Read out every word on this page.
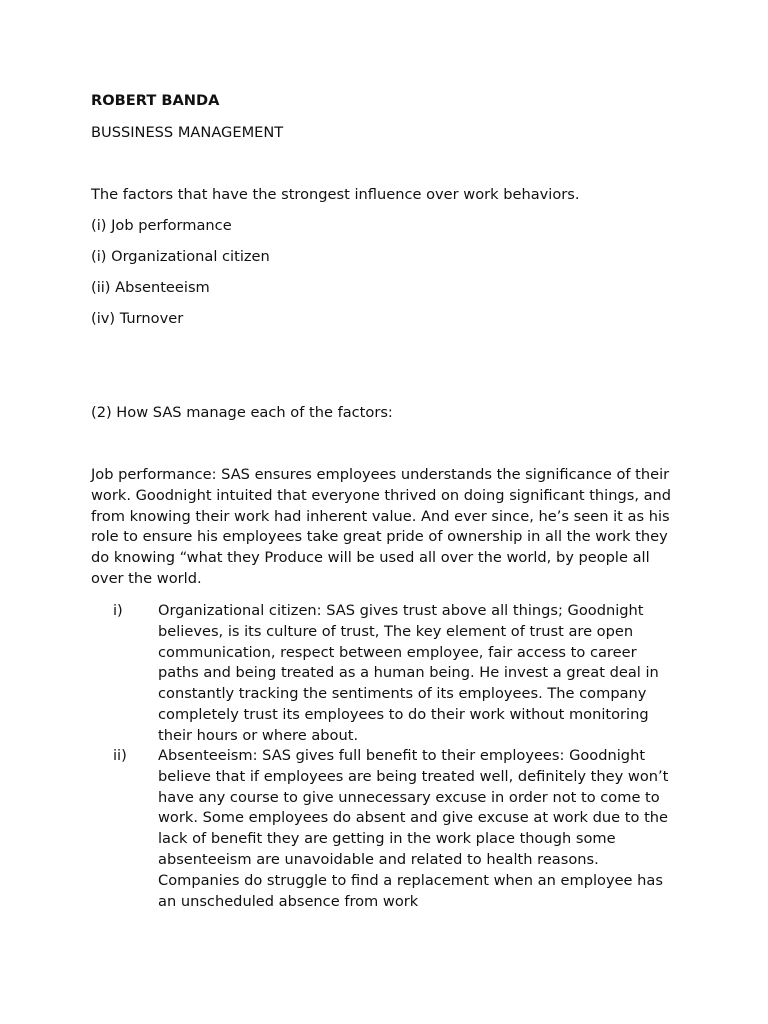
ROBERT BANDA
BUSSINESS MANAGEMENT
The factors that have the strongest influence over work behaviors.
(i) Job performance
(i) Organizational citizen
(ii) Absenteeism
(iv) Turnover
(2) How SAS manage each of the factors:

Job performance: SAS ensures employees understands the significance of their work. Goodnight intuited that everyone thrived on doing significant things, and from knowing their work had inherent value. And ever since, he’s seen it as his role to ensure his employees take great pride of ownership in all the work they do knowing “what they Produce will be used all over the world, by people all over the world.

i) Organizational citizen: SAS gives trust above all things; Goodnight believes, is its culture of trust, The key element of trust are open communication, respect between employee, fair access to career paths and being treated as a human being. He invest a great deal in constantly tracking the sentiments of its employees. The company completely trust its employees to do their work without monitoring their hours or where about.
ii) Absenteeism: SAS gives full benefit to their employees: Goodnight believe that if employees are being treated well, definitely they won’t have any course to give unnecessary excuse in order not to come to work. Some employees do absent and give excuse at work due to the lack of benefit they are getting in the work place though some absenteeism are unavoidable and related to health reasons. Companies do struggle to find a replacement when an employee has an unscheduled absence from work
